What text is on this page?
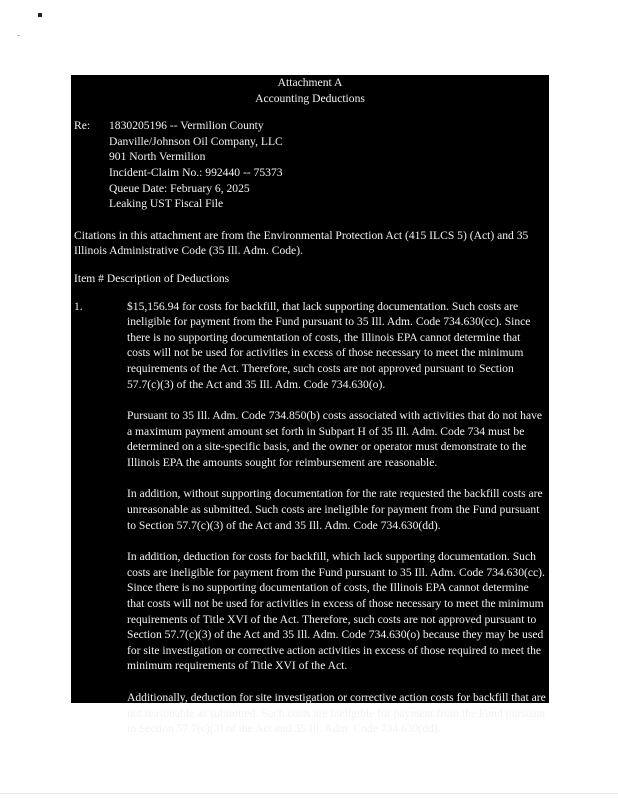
Attachment A

Accounting Deductions

Re:	1830205196 -- Vermilion County
Danville/Johnson Oil Company, LLC
901 North Vermilion
Incident-Claim No.: 992440 -- 75373
Queue Date: February 6, 2025
Leaking UST Fiscal File
Citations in this attachment are from the Environmental Protection Act (415 ILCS 5) (Act) and 35 Illinois Administrative Code (35 Ill. Adm. Code).
Item # Description of Deductions
1.	$15,156.94 for costs for backfill, that lack supporting documentation. Such costs are ineligible for payment from the Fund pursuant to 35 Ill. Adm. Code 734.630(cc). Since there is no supporting documentation of costs, the Illinois EPA cannot determine that costs will not be used for activities in excess of those necessary to meet the minimum requirements of the Act. Therefore, such costs are not approved pursuant to Section 57.7(c)(3) of the Act and 35 Ill. Adm. Code 734.630(o).

Pursuant to 35 Ill. Adm. Code 734.850(b) costs associated with activities that do not have a maximum payment amount set forth in Subpart H of 35 Ill. Adm. Code 734 must be determined on a site-specific basis, and the owner or operator must demonstrate to the Illinois EPA the amounts sought for reimbursement are reasonable.

In addition, without supporting documentation for the rate requested the backfill costs are unreasonable as submitted. Such costs are ineligible for payment from the Fund pursuant to Section 57.7(c)(3) of the Act and 35 Ill. Adm. Code 734.630(dd).

In addition, deduction for costs for backfill, which lack supporting documentation. Such costs are ineligible for payment from the Fund pursuant to 35 Ill. Adm. Code 734.630(cc). Since there is no supporting documentation of costs, the Illinois EPA cannot determine that costs will not be used for activities in excess of those necessary to meet the minimum requirements of Title XVI of the Act. Therefore, such costs are not approved pursuant to Section 57.7(c)(3) of the Act and 35 Ill. Adm. Code 734.630(o) because they may be used for site investigation or corrective action activities in excess of those required to meet the minimum requirements of Title XVI of the Act.

Additionally, deduction for site investigation or corrective action costs for backfill that are not reasonable as submitted. Such costs are ineligible for payment from the Fund pursuant to Section 57.7(c)(3) of the Act and 35 Ill. Adm. Code 734.630(dd).
